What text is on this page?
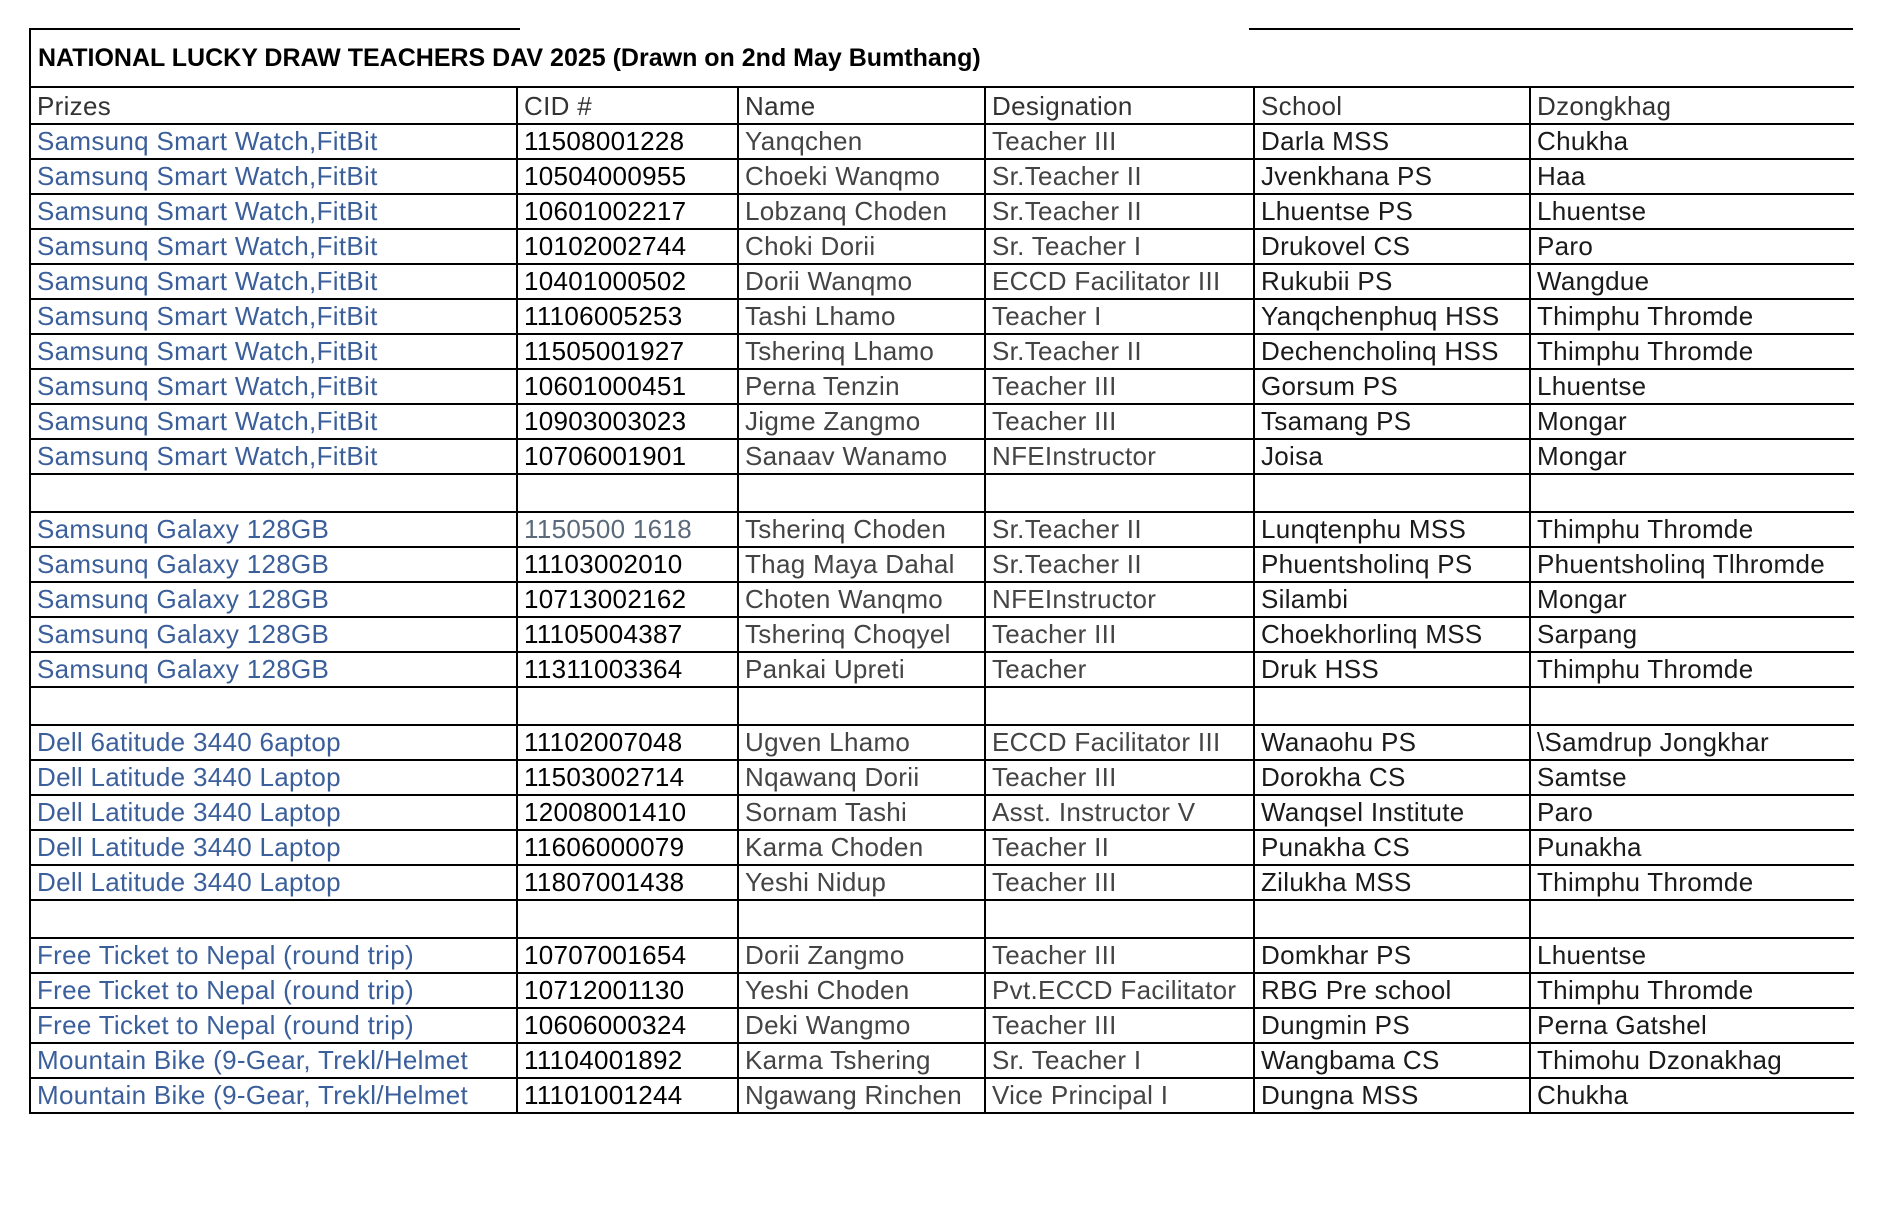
NATIONAL LUCKY DRAW TEACHERS DAV 2025 (Drawn on 2nd May Bumthang)
Prizes	CID #	Name	Designation	School	Dzongkhag
Samsunq Smart Watch,FitBit	11508001228	Yanqchen	Teacher III	Darla MSS	Chukha
Samsunq Smart Watch,FitBit	10504000955	Choeki Wanqmo	Sr.Teacher II	Jvenkhana PS	Haa
Samsunq Smart Watch,FitBit	10601002217	Lobzanq Choden	Sr.Teacher II	Lhuentse PS	Lhuentse
Samsunq Smart Watch,FitBit	10102002744	Choki Dorii	Sr. Teacher I	Drukovel CS	Paro
Samsunq Smart Watch,FitBit	10401000502	Dorii Wanqmo	ECCD Facilitator III	Rukubii PS	Wangdue
Samsunq Smart Watch,FitBit	11106005253	Tashi Lhamo	Teacher I	Yanqchenphuq HSS	Thimphu Thromde
Samsunq Smart Watch,FitBit	11505001927	Tsherinq Lhamo	Sr.Teacher II	Dechencholinq HSS	Thimphu Thromde
Samsunq Smart Watch,FitBit	10601000451	Perna Tenzin	Teacher III	Gorsum PS	Lhuentse
Samsunq Smart Watch,FitBit	10903003023	Jigme Zangmo	Teacher III	Tsamang PS	Mongar
Samsunq Smart Watch,FitBit	10706001901	Sanaav Wanamo	NFEInstructor	Joisa	Mongar

Samsunq Galaxy 128GB	1150500 1618	Tsherinq Choden	Sr.Teacher II	Lunqtenphu MSS	Thimphu Thromde
Samsunq Galaxy 128GB	11103002010	Thag Maya Dahal	Sr.Teacher II	Phuentsholinq PS	Phuentsholinq Tlhromde
Samsunq Galaxy 128GB	10713002162	Choten Wanqmo	NFEInstructor	Silambi	Mongar
Samsunq Galaxy 128GB	11105004387	Tsherinq Choqyel	Teacher III	Choekhorlinq MSS	Sarpang
Samsunq Galaxy 128GB	11311003364	Pankai Upreti	Teacher	Druk HSS	Thimphu Thromde

Dell 6atitude 3440 6aptop	11102007048	Ugven Lhamo	ECCD Facilitator III	Wanaohu PS	\Samdrup Jongkhar
Dell Latitude 3440 Laptop	11503002714	Nqawanq Dorii	Teacher III	Dorokha CS	Samtse
Dell Latitude 3440 Laptop	12008001410	Sornam Tashi	Asst. Instructor V	Wanqsel Institute	Paro
Dell Latitude 3440 Laptop	11606000079	Karma Choden	Teacher II	Punakha CS	Punakha
Dell Latitude 3440 Laptop	11807001438	Yeshi Nidup	Teacher III	Zilukha MSS	Thimphu Thromde

Free Ticket to Nepal (round trip)	10707001654	Dorii Zangmo	Teacher III	Domkhar PS	Lhuentse
Free Ticket to Nepal (round trip)	10712001130	Yeshi Choden	Pvt.ECCD Facilitator	RBG Pre school	Thimphu Thromde
Free Ticket to Nepal (round trip)	10606000324	Deki Wangmo	Teacher III	Dungmin PS	Perna Gatshel
Mountain Bike (9-Gear, Trekl/Helmet	11104001892	Karma Tshering	Sr. Teacher I	Wangbama CS	Thimohu Dzonakhag
Mountain Bike (9-Gear, Trekl/Helmet	11101001244	Ngawang Rinchen	Vice Principal I	Dungna MSS	Chukha
